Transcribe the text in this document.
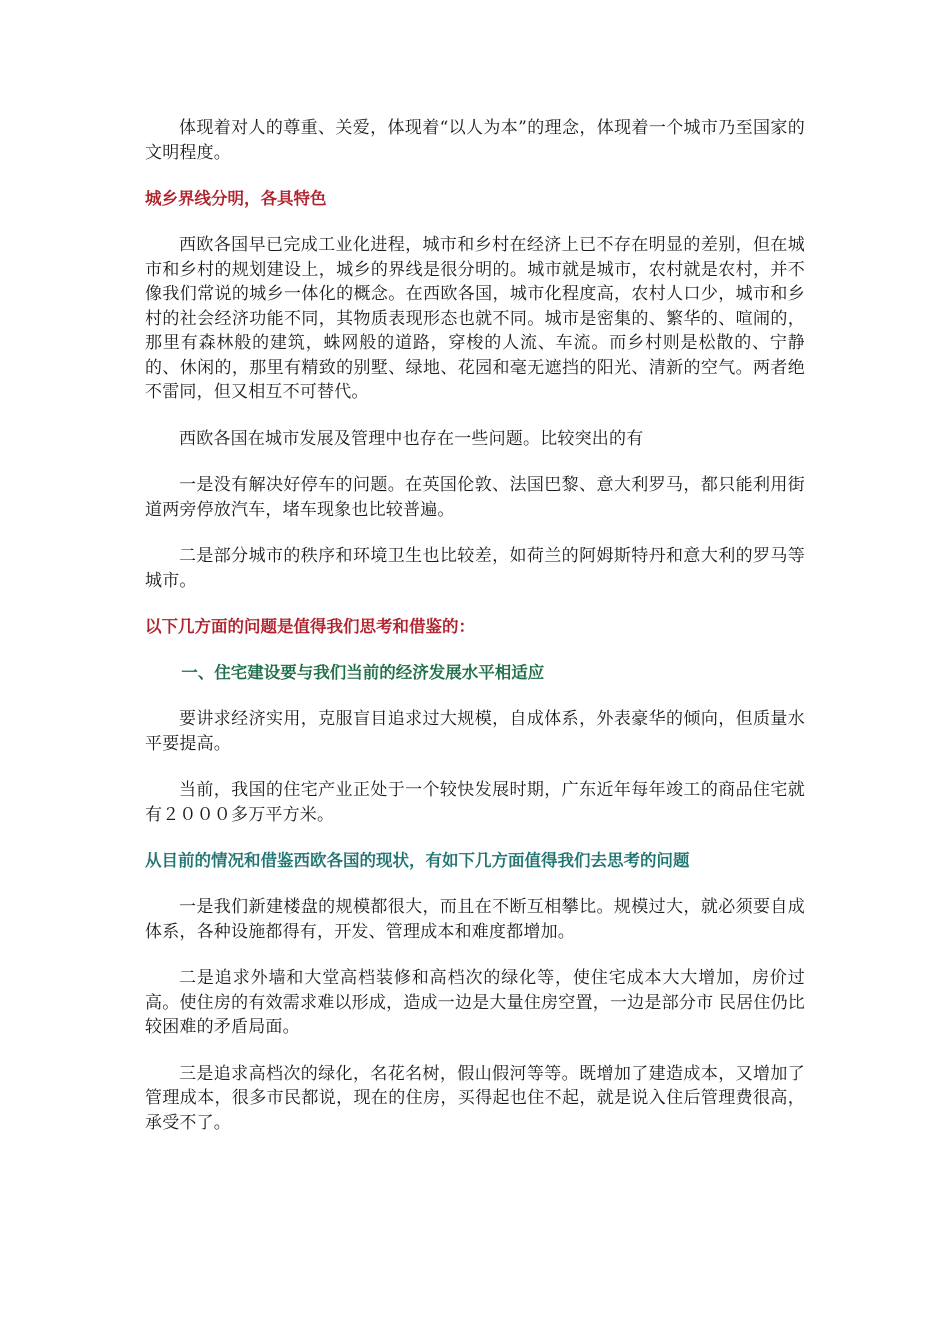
体现着对人的尊重、关爱，体现着“以人为本”的理念，体现着一个城市乃至国家的文明程度。

城乡界线分明，各具特色

西欧各国早已完成工业化进程，城市和乡村在经济上已不存在明显的差别，但在城市和乡村的规划建设上，城乡的界线是很分明的。城市就是城市，农村就是农村，并不像我们常说的城乡一体化的概念。在西欧各国，城市化程度高，农村人口少，城市和乡村的社会经济功能不同，其物质表现形态也就不同。城市是密集的、繁华的、喧闹的，那里有森林般的建筑，蛛网般的道路，穿梭的人流、车流。而乡村则是松散的、宁静的、休闲的，那里有精致的别墅、绿地、花园和毫无遮挡的阳光、清新的空气。两者绝不雷同，但又相互不可替代。

西欧各国在城市发展及管理中也存在一些问题。比较突出的有

一是没有解决好停车的问题。在英国伦敦、法国巴黎、意大利罗马，都只能利用街道两旁停放汽车，堵车现象也比较普遍。

二是部分城市的秩序和环境卫生也比较差，如荷兰的阿姆斯特丹和意大利的罗马等城市。

以下几方面的问题是值得我们思考和借鉴的：
一、住宅建设要与我们当前的经济发展水平相适应

要讲求经济实用，克服盲目追求过大规模，自成体系，外表豪华的倾向，但质量水平要提高。

当前，我国的住宅产业正处于一个较快发展时期，广东近年每年竣工的商品住宅就有２０００多万平方米。

从目前的情况和借鉴西欧各国的现状，有如下几方面值得我们去思考的问题

一是我们新建楼盘的规模都很大，而且在不断互相攀比。规模过大，就必须要自成体系，各种设施都得有，开发、管理成本和难度都增加。

二是追求外墙和大堂高档装修和高档次的绿化等，使住宅成本大大增加，房价过高。使住房的有效需求难以形成，造成一边是大量住房空置，一边是部分市 民居住仍比较困难的矛盾局面。

三是追求高档次的绿化，名花名树，假山假河等等。既增加了建造成本，又增加了管理成本，很多市民都说，现在的住房，买得起也住不起，就是说入住后管理费很高，承受不了。
